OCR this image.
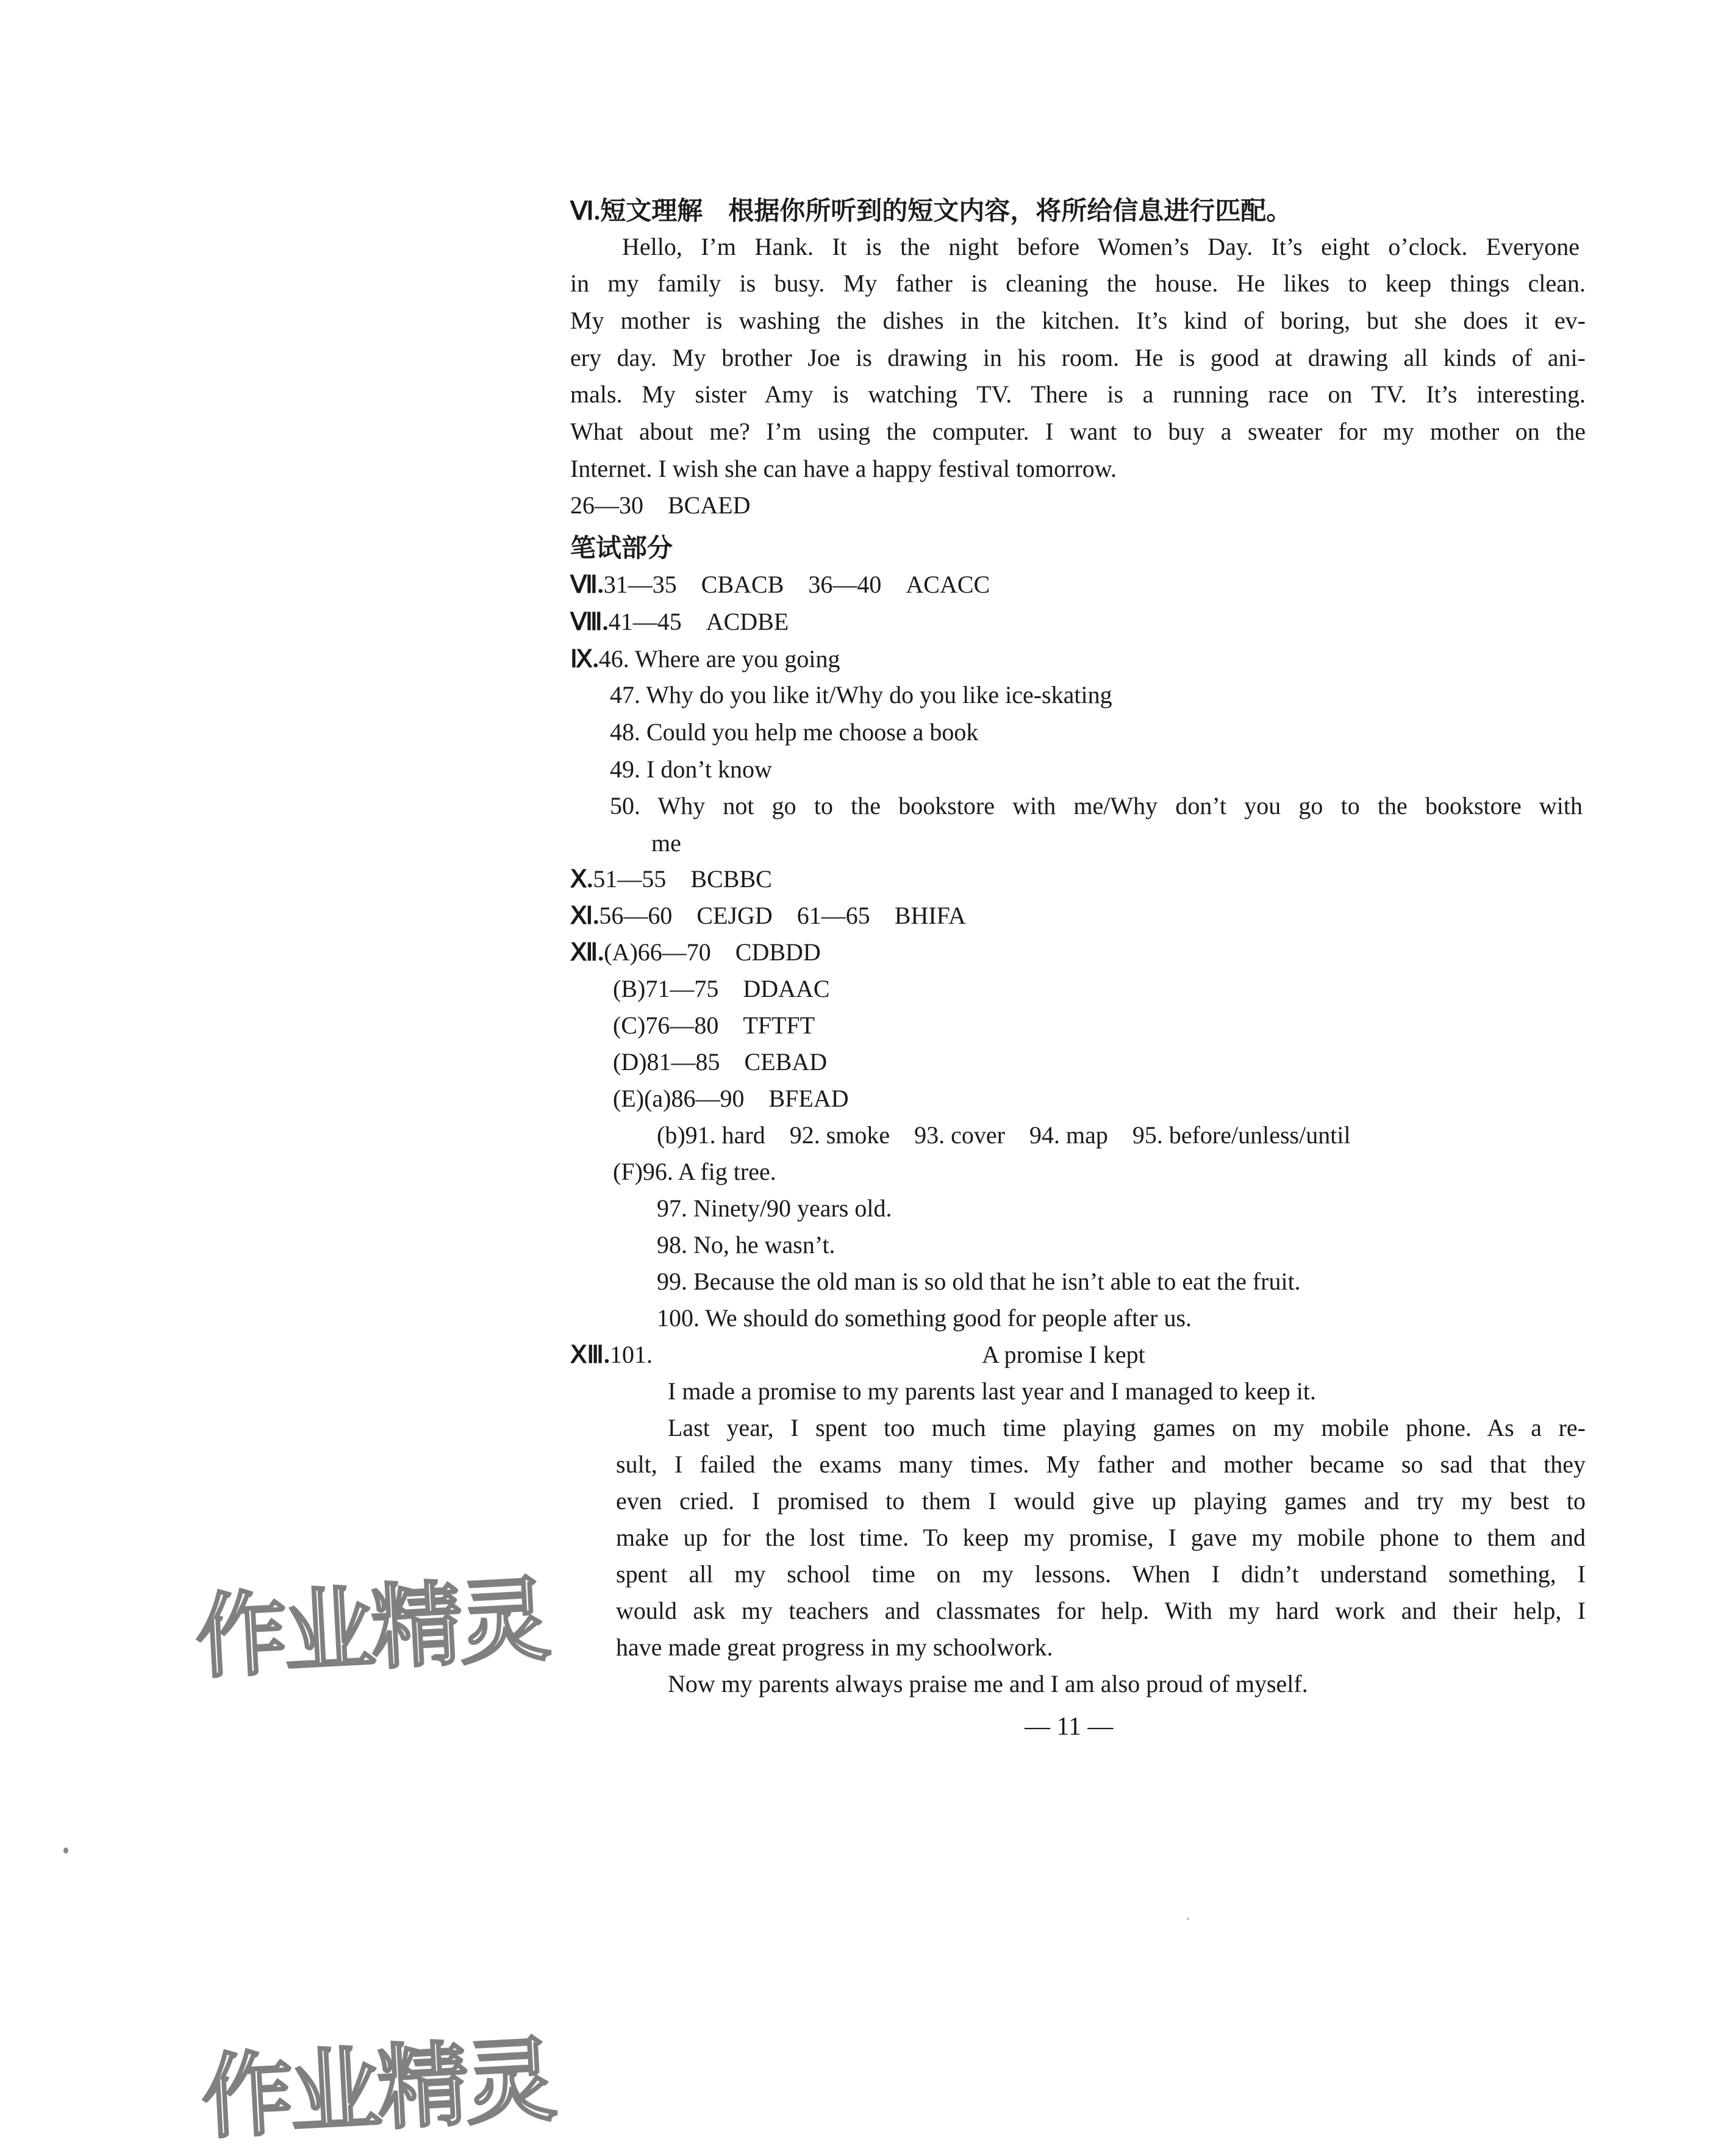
Ⅵ.短文理解　根据你所听到的短文内容，将所给信息进行匹配。
Hello, I’m Hank. It is the night before Women’s Day. It’s eight o’clock. Everyone
in my family is busy. My father is cleaning the house. He likes to keep things clean.
My mother is washing the dishes in the kitchen. It’s kind of boring, but she does it ev-
ery day. My brother Joe is drawing in his room. He is good at drawing all kinds of ani-
mals. My sister Amy is watching TV. There is a running race on TV. It’s interesting.
What about me? I’m using the computer. I want to buy a sweater for my mother on the
Internet. I wish she can have a happy festival tomorrow.
26—30　BCAED
笔试部分
Ⅶ.31—35　CBACB　36—40　ACACC
Ⅷ.41—45　ACDBE
Ⅸ.46. Where are you going
47. Why do you like it/Why do you like ice-skating
48. Could you help me choose a book
49. I don’t know
50. Why not go to the bookstore with me/Why don’t you go to the bookstore with
me
Ⅹ.51—55　BCBBC
Ⅺ.56—60　CEJGD　61—65　BHIFA
Ⅻ.(A)66—70　CDBDD
(B)71—75　DDAAC
(C)76—80　TFTFT
(D)81—85　CEBAD
(E)(a)86—90　BFEAD
(b)91. hard　92. smoke　93. cover　94. map　95. before/unless/until
(F)96. A fig tree.
97. Ninety/90 years old.
98. No, he wasn’t.
99. Because the old man is so old that he isn’t able to eat the fruit.
100. We should do something good for people after us.
ⅩⅢ.101.	A promise I kept
I made a promise to my parents last year and I managed to keep it.
Last year, I spent too much time playing games on my mobile phone. As a re-
sult, I failed the exams many times. My father and mother became so sad that they
even cried. I promised to them I would give up playing games and try my best to
make up for the lost time. To keep my promise, I gave my mobile phone to them and
spent all my school time on my lessons. When I didn’t understand something, I
would ask my teachers and classmates for help. With my hard work and their help, I
have made great progress in my schoolwork.
Now my parents always praise me and I am also proud of myself.
— 11 —
作业精灵
作业精灵
